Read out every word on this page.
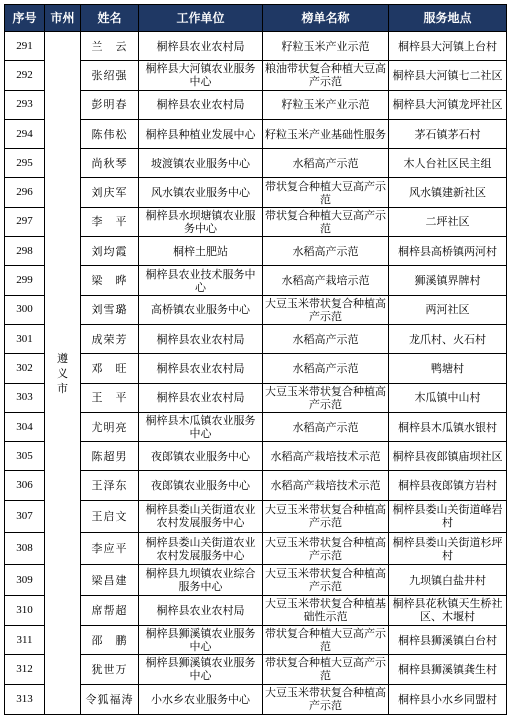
序号	市州	姓名	工作单位	榜单名称	服务地点
291	遵义市	兰　云	桐梓县农业农村局	籽粒玉米产业示范	桐梓县大河镇上台村
292		张绍强	桐梓县大河镇农业服务中心	粮油带状复合种植大豆高产示范	桐梓县大河镇七二社区
293		彭明春	桐梓县农业农村局	籽粒玉米产业示范	桐梓县大河镇龙坪社区
294		陈伟松	桐梓县种植业发展中心	籽粒玉米产业基础性服务	茅石镇茅石村
295		尚秋琴	坡渡镇农业服务中心	水稻高产示范	木人台社区民主组
296		刘庆军	风水镇农业服务中心	带状复合种植大豆高产示范	风水镇建新社区
297		李　平	桐梓县水坝塘镇农业服务中心	带状复合种植大豆高产示范	二坪社区
298		刘均霞	桐梓土肥站	水稻高产示范	桐梓县高桥镇两河村
299		梁　晔	桐梓县农业技术服务中心	水稻高产栽培示范	狮溪镇界牌村
300		刘雪璐	高桥镇农业服务中心	大豆玉米带状复合种植高产示范	两河社区
301		成荣芳	桐梓县农业农村局	水稻高产示范	龙爪村、火石村
302		邓　旺	桐梓县农业农村局	水稻高产示范	鸭塘村
303		王　平	桐梓县农业农村局	大豆玉米带状复合种植高产示范	木瓜镇中山村
304		尤明亮	桐梓县木瓜镇农业服务中心	水稻高产示范	桐梓县木瓜镇水银村
305		陈超男	夜郎镇农业服务中心	水稻高产栽培技术示范	桐梓县夜郎镇庙坝社区
306		王泽东	夜郎镇农业服务中心	水稻高产栽培技术示范	桐梓县夜郎镇方岩村
307		王启文	桐梓县娄山关街道农业农村发展服务中心	大豆玉米带状复合种植高产示范	桐梓县娄山关街道峰岩村
308		李应平	桐梓县娄山关街道农业农村发展服务中心	大豆玉米带状复合种植高产示范	桐梓县娄山关街道杉坪村
309		梁昌建	桐梓县九坝镇农业综合服务中心	大豆玉米带状复合种植高产示范	九坝镇白盐井村
310		席帮超	桐梓县农业农村局	大豆玉米带状复合种植基础性示范	桐梓县花秋镇天生桥社区、木堰村
311		邵　鹏	桐梓县狮溪镇农业服务中心	带状复合种植大豆高产示范	桐梓县狮溪镇白台村
312		犹世万	桐梓县狮溪镇农业服务中心	带状复合种植大豆高产示范	桐梓县狮溪镇龚生村
313		令狐福涛	小水乡农业服务中心	大豆玉米带状复合种植高产示范	桐梓县小水乡同盟村
